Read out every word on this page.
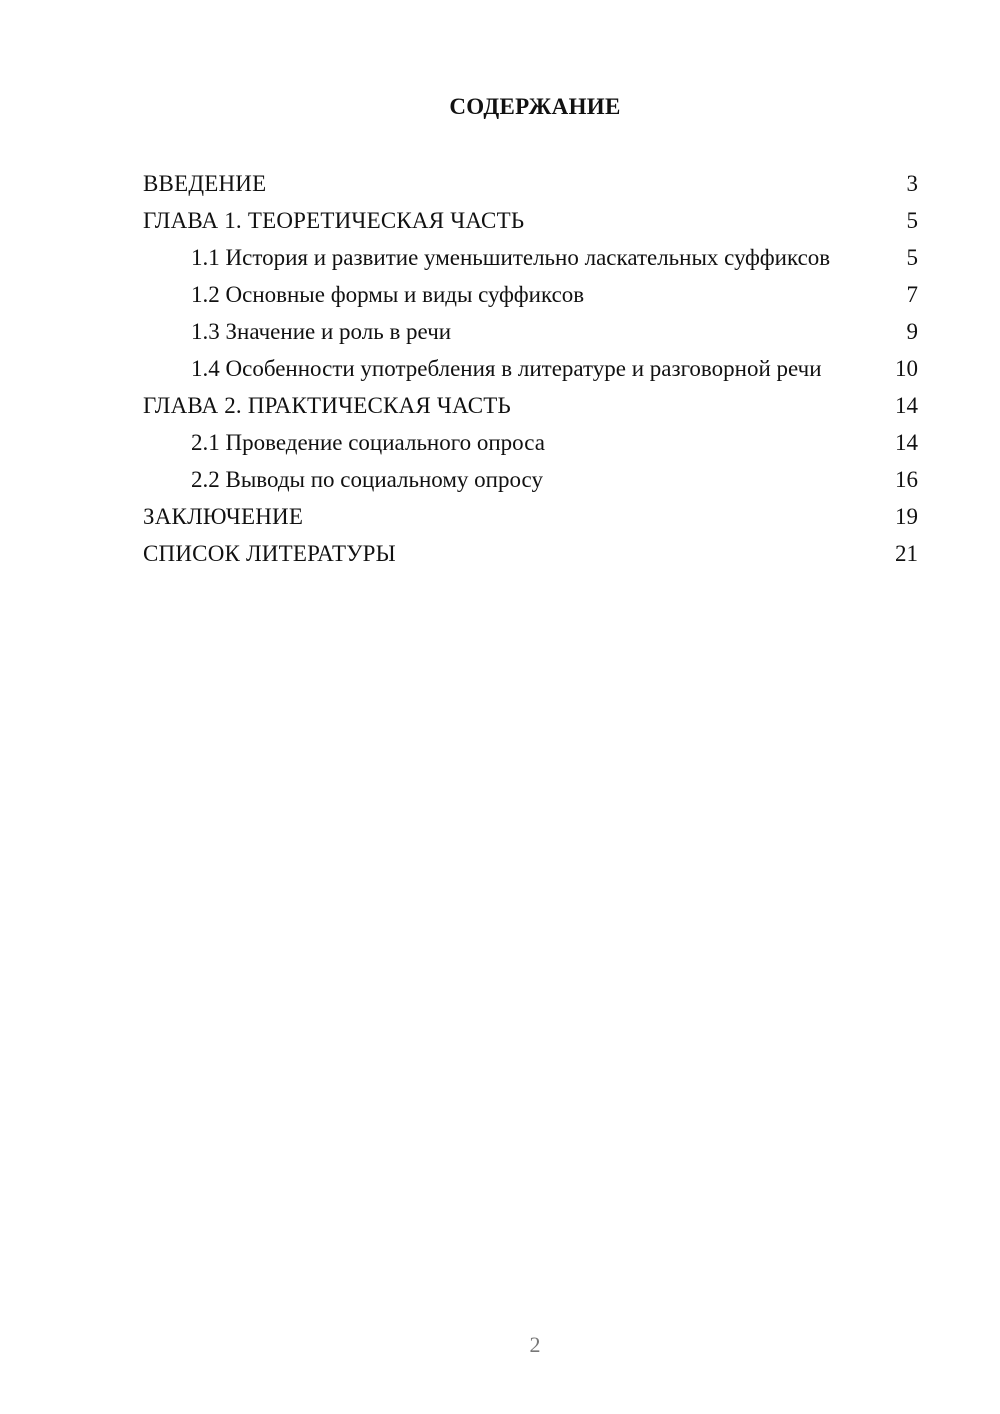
СОДЕРЖАНИЕ
ВВЕДЕНИЕ	3
ГЛАВА 1. ТЕОРЕТИЧЕСКАЯ ЧАСТЬ	5
1.1 История и развитие уменьшительно ласкательных суффиксов	5
1.2 Основные формы и виды суффиксов	7
1.3 Значение и роль в речи	9
1.4 Особенности употребления в литературе и разговорной речи	10
ГЛАВА 2. ПРАКТИЧЕСКАЯ ЧАСТЬ	14
2.1 Проведение социального опроса	14
2.2 Выводы по социальному опросу	16
ЗАКЛЮЧЕНИЕ	19
СПИСОК ЛИТЕРАТУРЫ	21
2
